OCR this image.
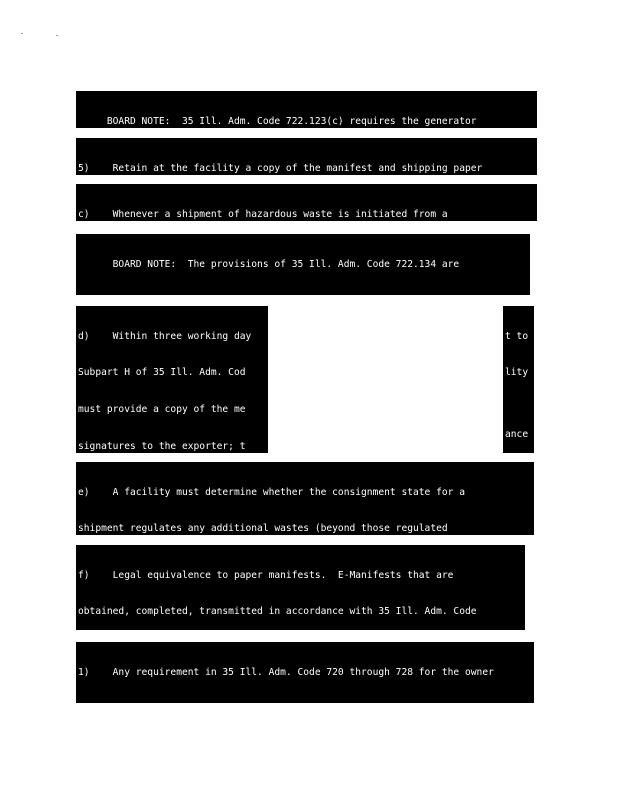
BOARD NOTE:  35 Ill. Adm. Code 722.123(c) requires the generator

5)    Retain at the facility a copy of the manifest and shipping paper

c)    Whenever a shipment of hazardous waste is initiated from a

BOARD NOTE:  The provisions of 35 Ill. Adm. Code 722.134 are

d)    Within three working day

Subpart H of 35 Ill. Adm. Cod

must provide a copy of the me

signatures to the exporter; t

t to

lity

ance

e)    A facility must determine whether the consignment state for a

shipment regulates any additional wastes (beyond those regulated

f)    Legal equivalence to paper manifests.  E-Manifests that are

obtained, completed, transmitted in accordance with 35 Ill. Adm. Code

1)    Any requirement in 35 Ill. Adm. Code 720 through 728 for the owner
